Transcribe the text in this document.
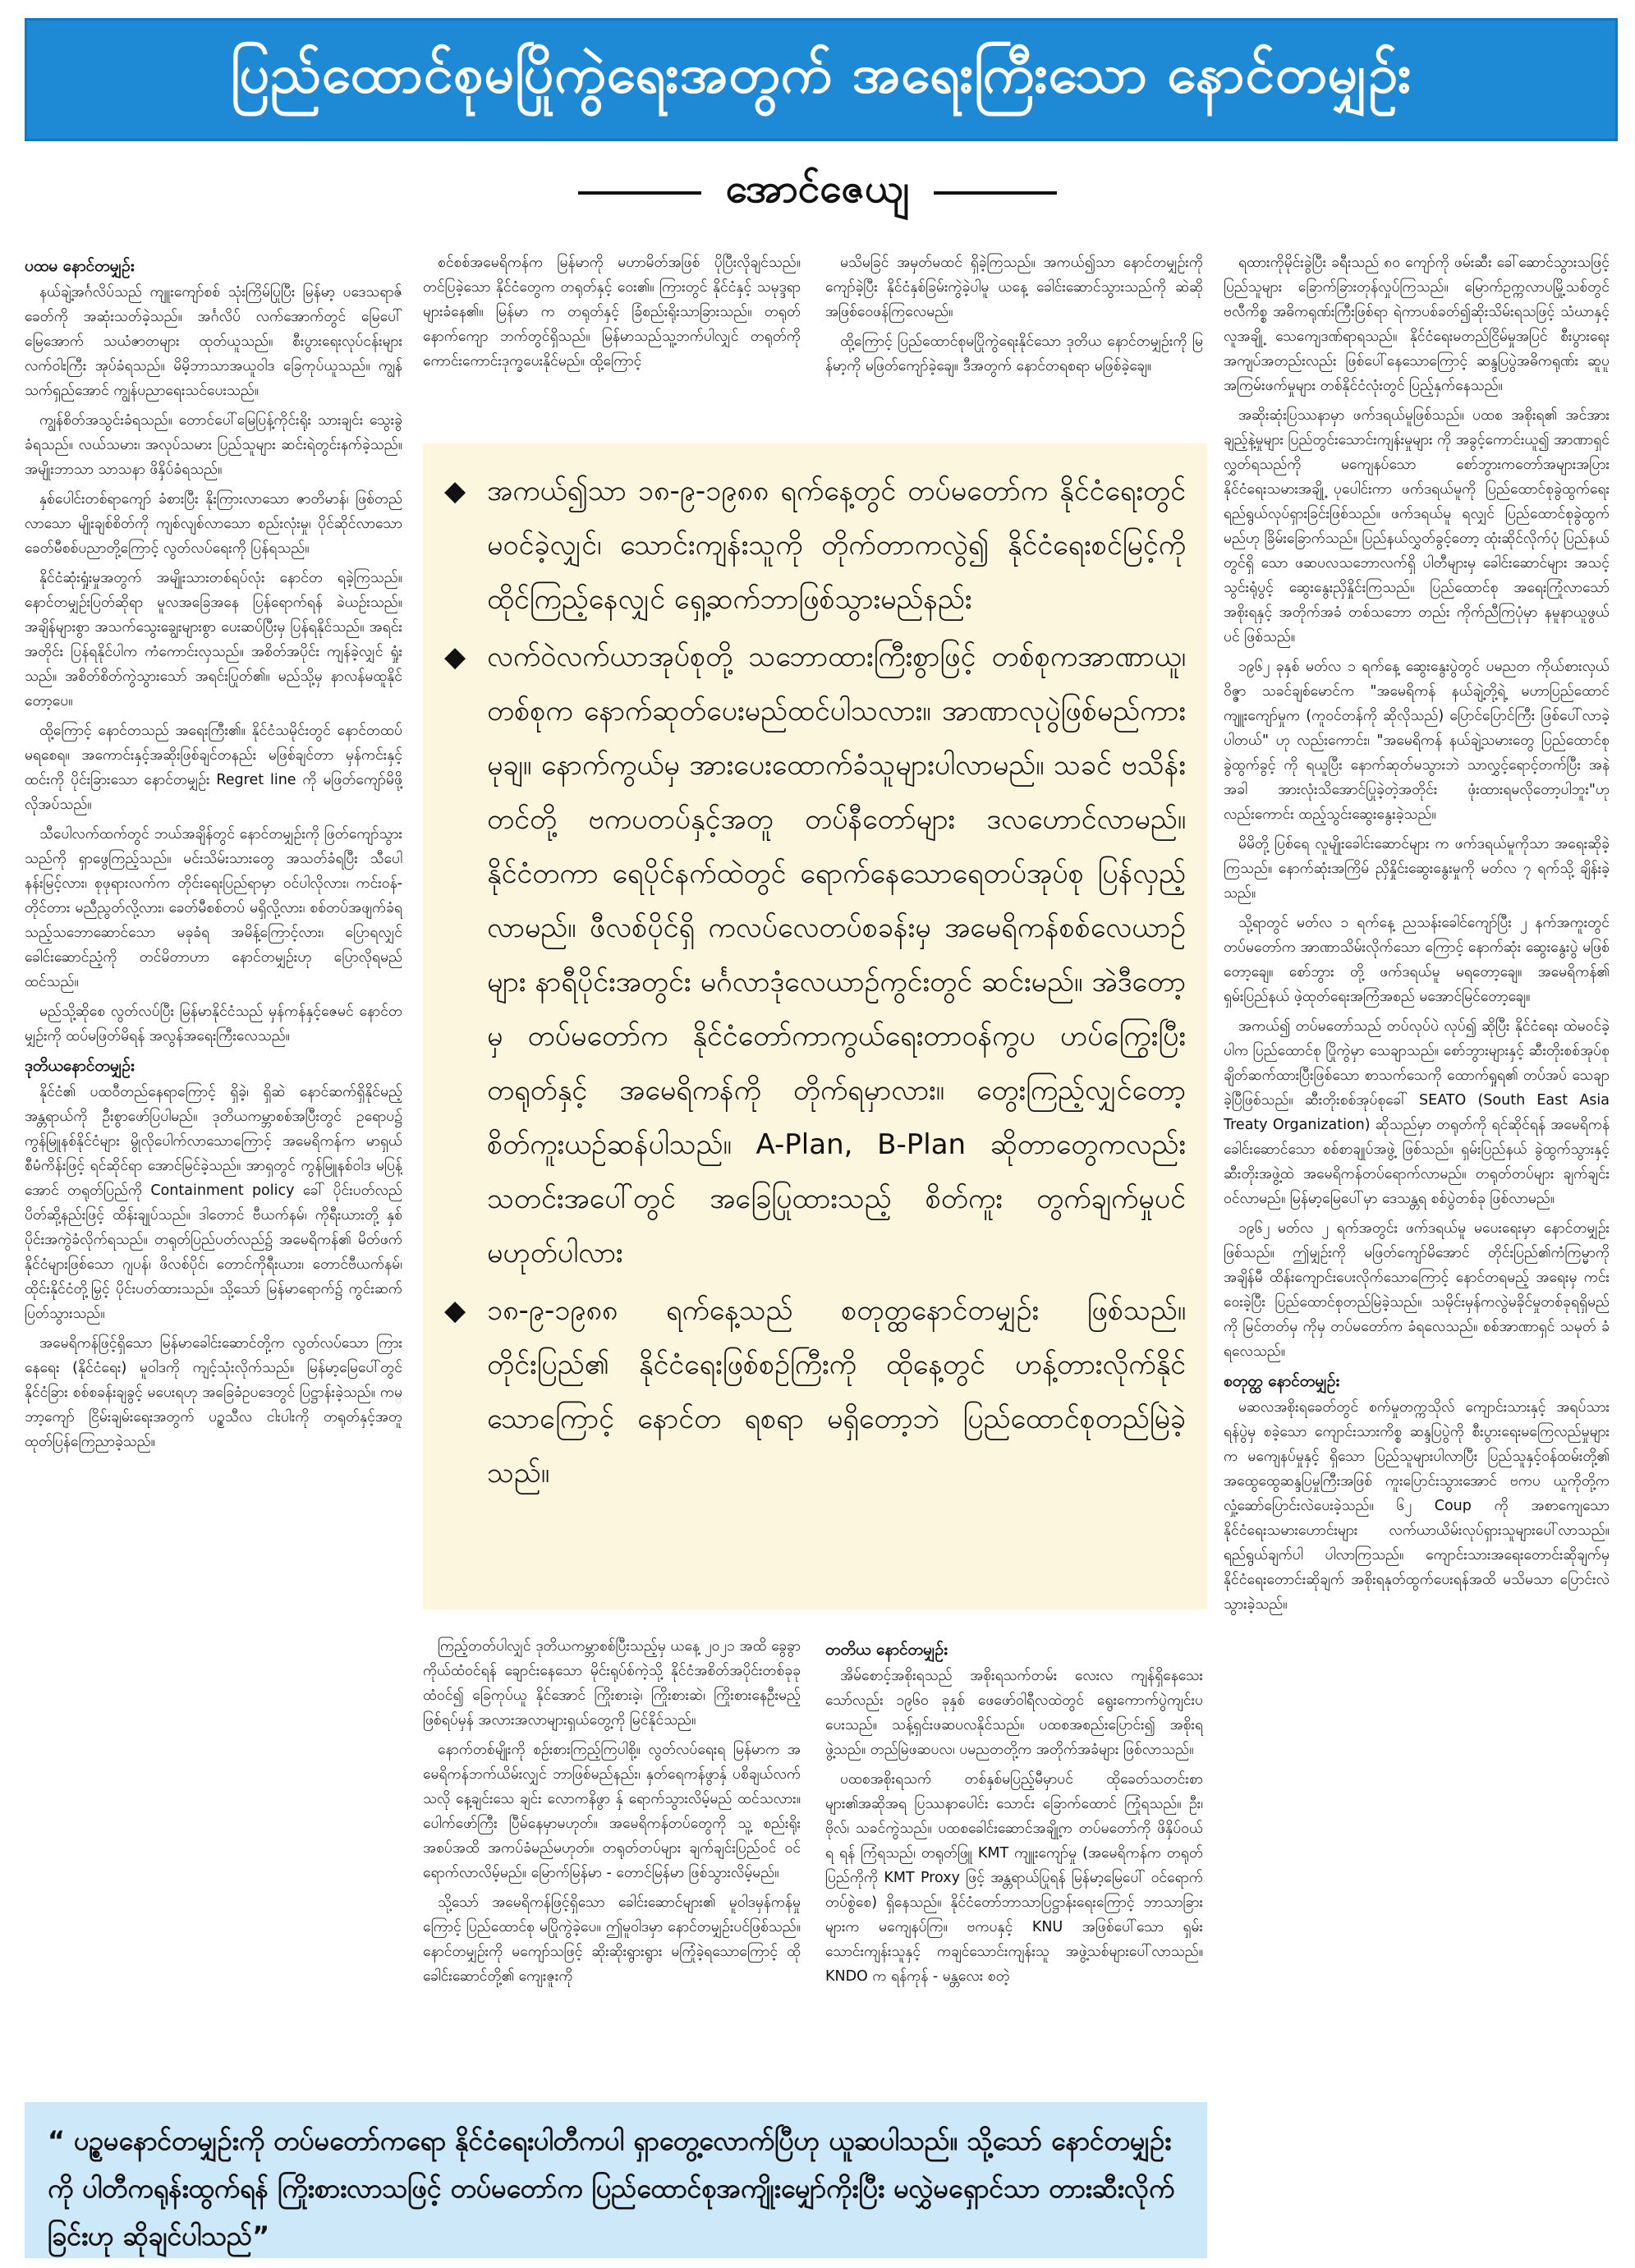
ပြည်ထောင်စုမပြိုကွဲရေးအတွက် အရေးကြီးသော နောင်တမျှဉ်း
အောင်ဇေယျ
ပထမ နောင်တမျှဉ်း

နယ်ချဲ့အင်္ဂလိပ်သည် ကျူးကျော်စစ် သုံးကြိမ်ပြုပြီး မြန်မာ့ ပဒေသရာဇ်ခေတ်ကို အဆုံးသတ်ခဲ့သည်။ အင်္ဂလိပ် လက်အောက်တွင် မြေပေါ်မြေအောက် သယံဇာတများ ထုတ်ယူသည်။ စီးပွားရေးလုပ်ငန်းများ လက်ဝါးကြီး အုပ်ခံရသည်။ မိမိ့ဘာသာအယူဝါဒ ခြေကုပ်ယူသည်။ ကျွန်သက်ရှည်အောင် ကျွန်ပညာရေးသင်ပေးသည်။

ကျွန်စိတ်အသွင်းခံရသည်။ တောင်ပေါ်မြေပြန့်ကိုင်းရိုး သားချင်း သွေးခွဲခံရသည်။ လယ်သမား၊ အလုပ်သမား ပြည်သူများ ဆင်းရဲတွင်းနက်ခဲ့သည်။ အမျိုးဘာသာ သာသနာ ဖိနှိပ်ခံရသည်။

နှစ်ပေါင်းတစ်ရာကျော် ခံစားပြီး နိုးကြားလာသော ဇာတိမာန်၊ ဖြစ်တည်လာသော မျိုးချစ်စိတ်ကို ကျစ်လျစ်လာသော စည်းလုံးမှု၊ ပိုင်ဆိုင်လာသော ခေတ်မီစစ်ပညာတို့ကြောင့် လွတ်လပ်ရေးကို ပြန်ရသည်။

နိုင်ငံဆုံးရှုံးမှုအတွက် အမျိုးသားတစ်ရပ်လုံး နောင်တ ရခဲ့ကြသည်။ နောင်တမျှဉ်းပြတ်ဆိုရာ မူလအခြေအနေ ပြန်ရောက်ရန် ခဲယဉ်းသည်။ အချိန်များစွာ အသက်သွေးချွေးများစွာ ပေးဆပ်ပြီးမှ ပြန်ရနိုင်သည်။ အရင်းအတိုင်း ပြန်ရနိုင်ပါက ကံကောင်းလှသည်။ အစိတ်အပိုင်း ကျန်ခဲ့လျှင် ရှုံးသည်။ အစိတ်စိတ်ကွဲသွားသော် အရင်းပြုတ်၏။ မည်သို့မှ နာလန်မထူနိုင်တော့ပေ။

ထို့ကြောင့် နောင်တသည် အရေးကြီး၏။ နိုင်ငံသမိုင်းတွင် နောင်တထပ်မရစေရ။ အကောင်းနှင့်အဆိုးဖြစ်ချင်တနည်း မဖြစ်ချင်တာ မှန်ကင်းနှင့် ထင်းကို ပိုင်းခြားသော နောင်တမျှဉ်း Regret line ကို မဖြတ်ကျော်မိဖို့ လိုအပ်သည်။

သီပေါလက်ထက်တွင် ဘယ်အချိန်တွင် နောင်တမျှဉ်းကို ဖြတ်ကျော်သွားသည်ကို ရှာဖွေကြည့်သည်။ မင်းသိမ်းသားတွေ အသတ်ခံရပြီး သီပေါနန်းမြင့်လား၊ စုဖုရားလက်က တိုင်းရေးပြည်ရာမှာ ဝင်ပါလိုလား၊ ကင်းဝန်-တိုင်တား မညီညွတ်လို့လား၊ ခေတ်မီစစ်တပ် မရှိလို့လား၊ စစ်တပ်အဖျက်ခံရသည့်သဘောဆောင်သော မခုခံရ အမိန့်ကြောင့်လား၊ ပြောရလျှင် ခေါင်းဆောင်ညံ့ကို တင်မိတာဟာ နောင်တမျှဉ်းဟု ပြောလိုရမည်ထင်သည်။

မည်သို့ဆိုစေ လွတ်လပ်ပြီး မြန်မာနိုင်ငံသည် မှန်ကန်နှင့်ဇေမင် နောင်တမျှဉ်းကို ထပ်မဖြတ်မိရန် အလွန်အရေးကြီးလေသည်။

ဒုတိယနောင်တမျှဉ်း

နိုင်ငံ၏ ပထဝီတည်နေရာကြောင့် ရှိခဲ့၊ ရှိဆဲ နောင်ဆက်ရှိနိုင်မည့် အန္တရာယ်ကို ဦးစွာဖော်ပြပါမည်။ ဒုတိယကမ္ဘာစစ်အပြီးတွင် ဥရောပ၌ ကွန်မြူနစ်နိုင်ငံများ မွိုလိုပေါက်လာသောကြောင့် အမေရိကန်က မာရှယ်စီမံကိန်းဖြင့် ရင်ဆိုင်ရာ အောင်မြင်ခဲ့သည်။ အာရှတွင် ကွန်မြူနစ်ဝါဒ မပြန့်အောင် တရုတ်ပြည်ကို Containment policy ခေါ် ပိုင်းပတ်လည် ပိတ်ဆို့နည်းဖြင့် ထိန်းချုပ်သည်။ ဒါတောင် ဗီယက်နမ်၊ ကိုရီးယားတို့ နှစ်ပိုင်းအကွဲခံလိုက်ရသည်။ တရုတ်ပြည်ပတ်လည်၌ အမေရိကန်၏ မိတ်ဖက်နိုင်ငံများဖြစ်သော ဂျပန်၊ ဖိလစ်ပိုင်၊ တောင်ကိုရီးယား၊ တောင်ဗီယက်နမ်၊ ထိုင်းနိုင်ငံတို့မြှင့် ပိုင်းပတ်ထားသည်။ သို့သော် မြန်မာရောက်၌ ကွင်းဆက်ပြတ်သွားသည်။

အမေရိကန်ဖြင့်ရှိသော မြန်မာခေါင်းဆောင်တို့က လွတ်လပ်သော ကြားနေရေး (နိုင်ငံရေး) မူဝါဒကို ကျင့်သုံးလိုက်သည်။ မြန်မာ့မြေပေါ်တွင် နိုင်ငံခြား စစ်စခန်းချခွင့် မပေးရဟု အခြေခံဥပဒေတွင် ပြဋ္ဌာန်းခဲ့သည်။ ကမ္ဘာ့ကျော် ငြိမ်းချမ်းရေးအတွက် ပဉ္စသီလ ငါးပါးကို တရုတ်နှင့်အတူ ထုတ်ပြန်ကြေညာခဲ့သည်။

စင်စစ်အမေရိကန်က မြန်မာကို မဟာမိတ်အဖြစ် ပိုပြီးလိုချင်သည်။ တင်ပြခဲ့သော နိုင်ငံတွေက တရုတ်နှင့် ဝေး၏။ ကြားတွင် နိုင်ငံနှင့် သမုဒ္ဒရာများခံနေ၏။ မြန်မာ က တရုတ်နှင့် ခြံစည်းရိုးသာခြားသည်။ တရုတ်နောက်ကျော ဘက်တွင်ရှိသည်။ မြန်မာသည်သူ့ဘက်ပါလျှင် တရုတ်ကို ကောင်းကောင်းဒုက္ခပေးနိုင်မည်။ ထို့ကြောင့်

မသိမခြင် အမှတ်မထင် ရှိခဲ့ကြသည်။ အကယ်၍သာ နောင်တမျှဉ်းကို ကျော်ခဲ့ပြီး နိုင်ငံနှစ်ခြမ်းကွဲခဲ့ပါမူ ယနေ့ ခေါင်းဆောင်သွားသည်ကို ဆဲဆိုအဖြစ်ဝေဖန်ကြလေမည်။

ထို့ကြောင့် ပြည်ထောင်စုမပြိုကွဲရေးနိုင်သော ဒုတိယ နောင်တမျှဉ်းကို မြန်မာ့ကို မဖြတ်ကျော်ခဲ့ချေ။ ဒီအတွက် နောင်တရစရာ မဖြစ်ခဲ့ချေ။

◆ အကယ်၍သာ ၁၈-၉-၁၉၈၈ ရက်နေ့တွင် တပ်မတော်က နိုင်ငံရေးတွင် မဝင်ခဲ့လျှင်၊ သောင်းကျန်းသူကို တိုက်တာကလွဲ၍ နိုင်ငံရေးစင်မြင့်ကို ထိုင်ကြည့်နေလျှင် ရှေ့ဆက်ဘာဖြစ်သွားမည်နည်း
◆ လက်ဝဲလက်ယာအုပ်စုတို့ သဘောထားကြီးစွာဖြင့် တစ်စုကအာဏာယူ၊ တစ်စုက နောက်ဆုတ်ပေးမည်ထင်ပါသလား။ အာဏာလုပွဲဖြစ်မည်ကား မုချ။ နောက်ကွယ်မှ အားပေးထောက်ခံသူများပါလာမည်။ သခင် ဗသိန်းတင်တို့ ဗကပတပ်နှင့်အတူ တပ်နီတော်များ ဒလဟောင်လာမည်။ နိုင်ငံတကာ ရေပိုင်နက်ထဲတွင် ရောက်နေသောရေတပ်အုပ်စု ပြန်လှည့်လာမည်။ ဖီလစ်ပိုင်ရှိ ကလပ်လေတပ်စခန်းမှ အမေရိကန်စစ်လေယာဉ်များ နာရီပိုင်းအတွင်း မင်္ဂလာဒုံလေယာဉ်ကွင်းတွင် ဆင်းမည်။ အဲဒီတော့မှ တပ်မတော်က နိုင်ငံတော်ကာကွယ်ရေးတာဝန်ကွပ ဟပ်ကြွေးပြီး တရုတ်နှင့် အမေရိကန်ကို တိုက်ရမှာလား။ တွေးကြည့်လျှင်တော့ စိတ်ကူးယဉ်ဆန်ပါသည်။ A-Plan, B-Plan ဆိုတာတွေကလည်း သတင်းအပေါ်တွင် အခြေပြုထားသည့် စိတ်ကူး တွက်ချက်မှုပင် မဟုတ်ပါလား
◆ ၁၈-၉-၁၉၈၈ ရက်နေ့သည် စတုတ္ထနောင်တမျှဉ်း ဖြစ်သည်။ တိုင်းပြည်၏ နိုင်ငံရေးဖြစ်စဉ်ကြီးကို ထိုနေ့တွင် ဟန့်တားလိုက်နိုင်သောကြောင့် နောင်တ ရစရာ မရှိတော့ဘဲ ပြည်ထောင်စုတည်မြဲခဲ့သည်။

ရထားကိုမိုင်းခွဲပြီး ခရီးသည် ၈၀ ကျော်ကို ဖမ်းဆီး ခေါ်ဆောင်သွားသဖြင့် ပြည်သူများ ခြောက်ခြားတုန်လှုပ်ကြသည်။ မြောက်ဥက္ကလာပမြို့သစ်တွင် ဗလီကိစ္စ အဓိကရုဏ်းကြီးဖြစ်ရာ ရဲကာပစ်ခတ်၍ဆိုးသိမ်းရသဖြင့် သံဃာနှင့် လူအချို့ သေကျေဒဏ်ရာရသည်။ နိုင်ငံရေးမတည်ငြိမ်မှုအပြင် စီးပွားရေးအကျပ်အတည်းလည်း ဖြစ်ပေါ်နေသောကြောင့် ဆန္ဒပြပွဲအဓိကရုဏ်း ဆူပူအကြမ်းဖက်မှုများ တစ်နိုင်ငံလုံးတွင် ပြည့်နှက်နေသည်။

အဆိုးဆုံးပြဿနာမှာ ဖက်ဒရယ်မူဖြစ်သည်။ ပထစ အစိုးရ၏ အင်အားချည့်နဲ့မှုများ ပြည်တွင်းသောင်းကျန်းမှုများ ကို အခွင့်ကောင်းယူ၍ အာဏာရှင်လွှတ်ရသည်ကို မကျေနပ်သော စော်ဘွားကတော်အများအပြား နိုင်ငံရေးသမားအချို့ ပုပေါင်းကာ ဖက်ဒရယ်မူကို ပြည်ထောင်စုခွဲထွက်ရေး ရည်ရွယ်လုပ်ရှားခြင်းဖြစ်သည်။ ဖက်ဒရယ်မူ ရလျှင် ပြည်ထောင်စုခွဲထွက်မည်ဟု ခြိမ်းခြောက်သည်။ ပြည်နယ်လွှတ်ခွင့်တော့ ထုံးဆိုင်လိုက်ပုံ ပြည်နယ်တွင်ရှိ သော ဖဆပလသဘောလက်ရှိ ပါတီများမှ ခေါင်းဆောင်များ အသင့်သွင်းရုံပွင့် ဆွေးနွေးညှိနှိုင်းကြသည်။ ပြည်ထောင်စု အရေးကြုံလာသော် အစိုးရနှင့် အတိုက်အခံ တစ်သဘော တည်း ကိုက်ညီကြပုံမှာ နမူနာယူဖွယ်ပင် ဖြစ်သည်။

၁၉၆၂ ခုနှစ် မတ်လ ၁ ရက်နေ့ ဆွေးနွေးပွဲတွင် ပမညတ ကိုယ်စားလှယ် ဝိဇ္ဇာ သခင်ချစ်မောင်က "အမေရိကန် နယ်ချဲ့တို့ရဲ့ မဟာပြည်ထောင်ကျူးကျော်မှုက (ကူဝင်တန်ကို ဆိုလိုသည်) ပြောင်ပြောင်ကြီး ဖြစ်ပေါ်လာခဲ့ပါတယ်" ဟု လည်းကောင်း၊ "အမေရိကန် နယ်ချဲ့သမားတွေ ပြည်ထောင်စု ခွဲထွက်ခွင့် ကို ရယူပြီး နောက်ဆုတ်မသွားဘဲ သာလွှင့်ရောင့်တက်ပြီး အနဲအခါ အားလုံးသိအောင်ပြုခဲ့တဲ့အတိုင်း ဖုံးထားရမလိုတော့ပါဘူး"ဟုလည်းကောင်း ထည့်သွင်းဆွေးနွေးခဲ့သည်။

မိမိတို့ ပြစ်ရေ လူမျိုးခေါင်းဆောင်များ က ဖက်ဒရယ်မူကိုသာ အရေးဆိုခဲ့ကြသည်။ နောက်ဆုံးအကြိမ် ညှိနှိုင်းဆွေးနွေးမှုကို မတ်လ ၇ ရက်သို့ ချိန်းခဲ့သည်။

သို့ရာတွင် မတ်လ ၁ ရက်နေ့ ညသန်းခေါင်ကျော်ပြီး ၂ နက်အကူးတွင် တပ်မတော်က အာဏာသိမ်းလိုက်သော ကြောင့် နောက်ဆုံး ဆွေးနွေးပွဲ မဖြစ်တော့ချေ။ စော်ဘွား တို့ ဖက်ဒရယ်မူ မရတော့ချေ။ အမေရိကန်၏ ရှမ်းပြည်နယ် ဖဲ့ထုတ်ရေးအကြံအစည် မအောင်မြင်တော့ချေ။

အကယ်၍ တပ်မတော်သည် တပ်လုပ်ပဲ လုပ်၍ ဆိုပြီး နိုင်ငံရေး ထဲမဝင်ခဲ့ပါက ပြည်ထောင်စု ပြိုကွဲမှာ သေချာသည်။ စော်ဘွားများနှင့် ဆီးတိုးစစ်အုပ်စု ချိတ်ဆက်ထားပြီးဖြစ်သော စာသက်သေကို ထောက်ရှုရ၏ တပ်အပ် သေချာခဲ့ပြီဖြစ်သည်။ ဆီးတိုးစစ်အုပ်စုခေါ် SEATO (South East Asia Treaty Organization) ဆိုသည်မှာ တရုတ်ကို ရင်ဆိုင်ရန် အမေရိကန် ခေါင်းဆောင်သော စစ်စာချုပ်အဖွဲ့ ဖြစ်သည်။ ရှမ်းပြည်နယ် ခွဲထွက်သွားနှင့် ဆီးတိုးအဖွဲ့ထဲ အမေရိကန်တပ်ရောက်လာမည်။ တရုတ်တပ်များ ချက်ချင်းဝင်လာမည်။ မြန်မာ့မြေပေါ်မှာ ဒေသန္တရ စစ်ပွဲတစ်ခု ဖြစ်လာမည်။

၁၉၆၂ မတ်လ ၂ ရက်အတွင်း ဖက်ဒရယ်မူ မပေးရေးမှာ နောင်တမျှဉ်းဖြစ်သည်။ ဤမျှဉ်းကို မဖြတ်ကျော်မိအောင် တိုင်းပြည်၏ကံကြမ္မာကို အချိန်မီ ထိန်းကျောင်းပေးလိုက်သောကြောင့် နောင်တရမည့် အရေးမှ ကင်းဝေးခဲ့ပြီး ပြည်ထောင်စုတည်မြဲခဲ့သည်။ သမိုင်းမှန်ကလွဲမခိုင်မှုတစ်ခုရရှိမည်ကို မြင်တတ်မှ ကိုမှ တပ်မတော်က ခံရလေသည်။ စစ်အာဏာရှင် သမုတ် ခံရလေသည်။

စတုတ္ထ နောင်တမျှဉ်း

မဆလအစိုးရခေတ်တွင် စက်မှုတက္ကသိုလ် ကျောင်းသားနှင့် အရပ်သားရန်ပွဲမှ စခဲ့သော ကျောင်းသားကိစ္စ ဆန္ဒပြပွဲကို စီးပွားရေးမကြေလည်မှုများက မကျေနပ်မှုနှင့် ရှိသော ပြည်သူများပါလာပြီး ပြည်သူနှင့်ဝန်ထမ်းတို့၏ အထွေထွေဆန္ဒပြမှုကြီးအဖြစ် ကူးပြောင်းသွားအောင် ဗကပ ယူကိုတို့က လှုံ့ဆော်ပြောင်းလဲပေးခဲ့သည်။ ၆၂ Coup ကို အစာကျေသောနိုင်ငံရေးသမားဟောင်းများ လက်ယာယိမ်းလုပ်ရှားသူများပေါ်လာသည်။ ရည်ရွယ်ချက်ပါ ပါလာကြသည်။ ကျောင်းသားအရေးတောင်းဆိုချက်မှ နိုင်ငံရေးတောင်းဆိုချက် အစိုးရနုတ်ထွက်ပေးရန်အထိ မသိမသာ ပြောင်းလဲသွားခဲ့သည်။

ကြည့်တတ်ပါလျှင် ဒုတိယကမ္ဘာစစ်ပြီးသည့်မှ ယနေ့ ၂၀၂၁ အထိ ခွေခွာကိုယ်ထံဝင်ရန် ချောင်းနေသော မိုင်းရုပ်စ်ကဲ့သို့ နိုင်ငံအစိတ်အပိုင်းတစ်ခုခုထံဝင်၍ ခြေကုပ်ယူ နိုင်အောင် ကြိုးစားခဲ့၊ ကြိုးစားဆဲ၊ ကြိုးစားနေဦးမည့် ဖြစ်ရပ်မှန် အလားအလာများရှယ်တွေ့ကို မြင်နိုင်သည်။

နောက်တစ်မျိုးကို စဉ်းစားကြည့်ကြပါစို့။ လွတ်လပ်ရေးရ မြန်မာက အမေရိကန်ဘက်ယိမ်းလျှင် ဘာဖြစ်မည်နည်း၊ နှတ်ရေကန်ဖွာနှ် ပစိချယ်လက်သလို နေ့ချင်းသေ ချင်း လောကနိဖွာ နှ် ရောက်သွားလိမ့်မည် ထင်သလား။ ပေါက်ဖော်ကြီး ပြီမ်နေမှာမဟုတ်။ အမေရိကန်တပ်တွေကို သူ့ စည်းရိုးအစပ်အထိ အကပ်ခံမည်မဟုတ်။ တရုတ်တပ်များ ချက်ချင်းပြည်ဝင် ဝင်ရောက်လာလိမ့်မည်။ မြောက်မြန်မာ - တောင်မြန်မာ ဖြစ်သွားလိမ့်မည်။

သို့သော် အမေရိကန်ဖြင့်ရှိသော ခေါင်းဆောင်များ၏ မူဝါဒမှန်ကန်မှုကြောင့် ပြည်ထောင်စု မပြိုကွဲခဲ့ပေ။ ဤမူဝါဒမှာ နောင်တမျှဉ်းပင်ဖြစ်သည်။ နောင်တမျှဉ်းကို မကျော်သဖြင့် ဆိုးဆိုးရွားရွား မကြုံခဲ့ရသောကြောင့် ထိုခေါင်းဆောင်တို့၏ ကျေးဇူးကို

တတိယ နောင်တမျှဉ်း

အိမ်စောင့်အစိုးရသည် အစိုးရသက်တမ်း လေးလ ကျန်ရှိနေသေးသော်လည်း ၁၉၆၀ ခုနှစ် ဖေဖော်ဝါရီလထဲတွင် ရွေးကောက်ပွဲကျင်းပပေးသည်။ သန့်ရှင်းဖဆပလနိုင်သည်။ ပထစအစည်းပြောင်း၍ အစိုးရဖွဲ့သည်။ တည်မြဲဖဆပလ၊ ပမညတတို့က အတိုက်အခံများ ဖြစ်လာသည်။

ပထစအစိုးရသက် တစ်နှစ်မပြည့်မီမှာပင် ထိုခေတ်သတင်းစာများ၏အဆိုအရ ပြဿနာပေါင်း သောင်း ခြောက်ထောင် ကြုံရသည်။ ဦး၊ ဗိုလ်၊ သခင်ကွဲသည်။ ပထစခေါင်းဆောင်အချို့က တပ်မတော်ကို ဖိနှိပ်ဝယ်ရ ရန် ကြံရသည်၊ တရုတ်ဖြူ KMT ကျူးကျော်မှု (အမေရိကန်က တရုတ်ပြည်ကိုကို KMT Proxy ဖြင့် အန္တရာယ်ပြုရန် မြန်မာ့မြေပေါ် ဝင်ရောက်တပ်စွဲစေ) ရှိနေသည်။ နိုင်ငံတော်ဘာသာပြဋ္ဌာန်းရေးကြောင့် ဘာသာခြားများက မကျေနပ်ကြ။ ဗကပနှင့် KNU အဖြစ်ပေါ်သော ရှမ်းသောင်းကျန်းသူနှင့် ကချင်သောင်းကျန်းသူ အဖွဲ့သစ်များပေါ်လာသည်။ KNDO က ရန်ကုန် - မန္တလေး စတဲ့

“ ပဉ္စမနောင်တမျှဉ်းကို တပ်မတော်ကရော နိုင်ငံရေးပါတီကပါ ရှာတွေ့လောက်ပြီဟု ယူဆပါသည်။ သို့သော် နောင်တမျှဉ်းကို ပါတီကရုန်းထွက်ရန် ကြိုးစားလာသဖြင့် တပ်မတော်က ပြည်ထောင်စုအကျိုးမျှော်ကိုးပြီး မလွှဲမရှောင်သာ တားဆီးလိုက်ခြင်းဟု ဆိုချင်ပါသည်”
